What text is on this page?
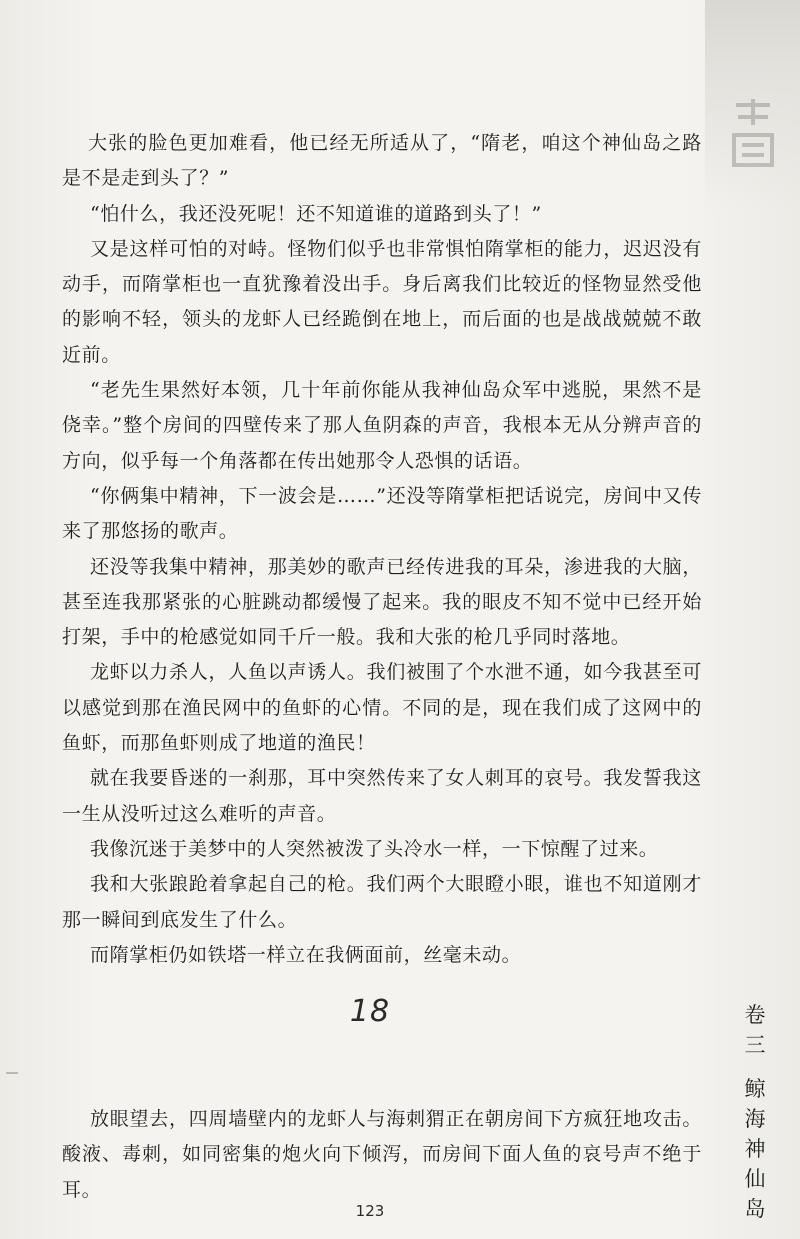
大张的脸色更加难看，他已经无所适从了，“隋老，咱这个神仙岛之路是不是走到头了？”

“怕什么，我还没死呢！还不知道谁的道路到头了！”

又是这样可怕的对峙。怪物们似乎也非常惧怕隋掌柜的能力，迟迟没有动手，而隋掌柜也一直犹豫着没出手。身后离我们比较近的怪物显然受他的影响不轻，领头的龙虾人已经跪倒在地上，而后面的也是战战兢兢不敢近前。

“老先生果然好本领，几十年前你能从我神仙岛众军中逃脱，果然不是侥幸。”整个房间的四壁传来了那人鱼阴森的声音，我根本无从分辨声音的方向，似乎每一个角落都在传出她那令人恐惧的话语。

“你俩集中精神，下一波会是……”还没等隋掌柜把话说完，房间中又传来了那悠扬的歌声。

还没等我集中精神，那美妙的歌声已经传进我的耳朵，渗进我的大脑，甚至连我那紧张的心脏跳动都缓慢了起来。我的眼皮不知不觉中已经开始打架，手中的枪感觉如同千斤一般。我和大张的枪几乎同时落地。

龙虾以力杀人，人鱼以声诱人。我们被围了个水泄不通，如今我甚至可以感觉到那在渔民网中的鱼虾的心情。不同的是，现在我们成了这网中的鱼虾，而那鱼虾则成了地道的渔民！

就在我要昏迷的一刹那，耳中突然传来了女人刺耳的哀号。我发誓我这一生从没听过这么难听的声音。

我像沉迷于美梦中的人突然被泼了头冷水一样，一下惊醒了过来。

我和大张踉跄着拿起自己的枪。我们两个大眼瞪小眼，谁也不知道刚才那一瞬间到底发生了什么。

而隋掌柜仍如铁塔一样立在我俩面前，丝毫未动。

18

放眼望去，四周墙壁内的龙虾人与海刺猬正在朝房间下方疯狂地攻击。酸液、毒刺，如同密集的炮火向下倾泻，而房间下面人鱼的哀号声不绝于耳。

卷
三
鲸
海
神
仙
岛
123
